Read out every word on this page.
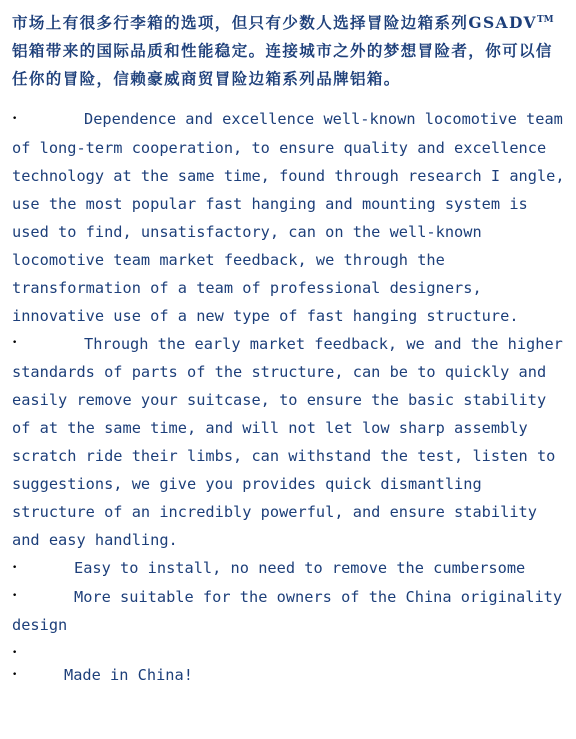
市场上有很多行李箱的选项，但只有少数人选择冒险边箱系列GSADV™铝箱带来的国际品质和性能稳定。连接城市之外的梦想冒险者，你可以信任你的冒险，信赖豪威商贸冒险边箱系列品牌铝箱。

•	Dependence and excellence well-known locomotive team of long-term cooperation, to ensure quality and excellence technology at the same time, found through research I angle, use the most popular fast hanging and mounting system is used to find, unsatisfactory, can on the well-known locomotive team market feedback, we through the transformation of a team of professional designers, innovative use of a new type of fast hanging structure.
•	Through the early market feedback, we and the higher standards of parts of the structure, can be to quickly and easily remove your suitcase, to ensure the basic stability of at the same time, and will not let low sharp assembly scratch ride their limbs, can withstand the test, listen to suggestions, we give you provides quick dismantling structure of an incredibly powerful, and ensure stability and easy handling.
•	Easy to install, no need to remove the cumbersome
•	More suitable for the owners of the China originality design
•
•	Made in China!
